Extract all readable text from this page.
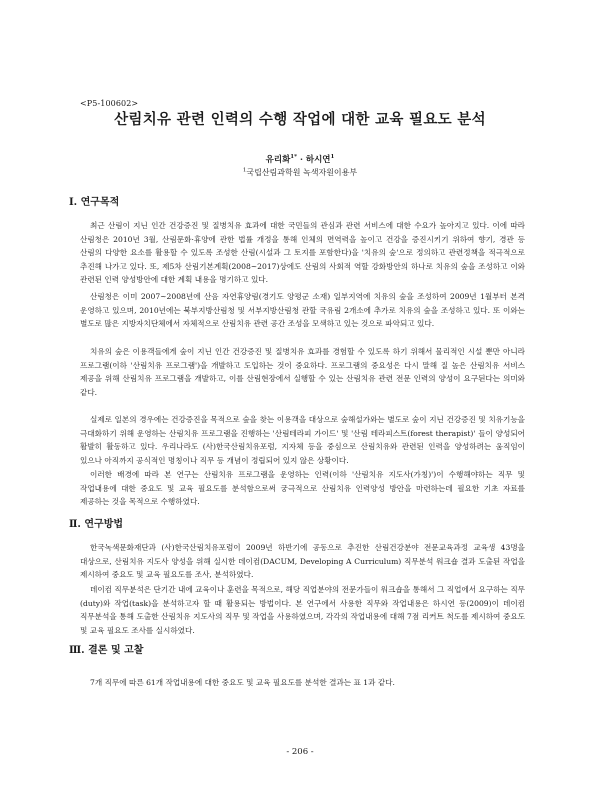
<P5-100602>
산림치유 관련 인력의 수행 작업에 대한 교육 필요도 분석
유리화$^{1*}$ · 하시연$^1$
$^1$국립산림과학원 녹색자원이용부
Ⅰ. 연구목적

최근 산림이 지닌 인간 건강증진 및 질병치유 효과에 대한 국민들의 관심과 관련 서비스에 대한 수요가 높아지고 있다. 이에 따라 산림청은 2010년 3월, 산림문화·휴양에 관한 법률 개정을 통해 인체의 면역력을 높이고 건강을 증진시키기 위하여 향기, 경관 등 산림의 다양한 요소를 활용할 수 있도록 조성한 산림(시설과 그 토지를 포함한다)을 '치유의 숲'으로 정의하고 관련정책을 적극적으로 추진해 나가고 있다. 또, 제5차 산림기본계획(2008~2017)상에도 산림의 사회적 역할 강화방안의 하나로 치유의 숲을 조성하고 이와 관련된 인력 양성방안에 대한 계획 내용을 명기하고 있다.

산림청은 이미 2007~2008년에 산음 자연휴양림(경기도 양평군 소재) 일부지역에 치유의 숲을 조성하여 2009년 1월부터 본격 운영하고 있으며, 2010년에는 북부지방산림청 및 서부지방산림청 관할 국유림 2개소에 추가로 치유의 숲을 조성하고 있다. 또 이와는 별도로 많은 지방자치단체에서 자체적으로 산림치유 관련 공간 조성을 모색하고 있는 것으로 파악되고 있다.

치유의 숲은 이용객들에게 숲이 지닌 인간 건강증진 및 질병치유 효과를 경험할 수 있도록 하기 위해서 물리적인 시설 뿐만 아니라 프로그램(이하 '산림치유 프로그램')을 개발하고 도입하는 것이 중요하다. 프로그램의 중요성은 다시 말해 질 높은 산림치유 서비스 제공을 위해 산림치유 프로그램을 개발하고, 이를 산림현장에서 실행할 수 있는 산림치유 관련 전문 인력의 양성이 요구된다는 의미와 같다.

실제로 일본의 경우에는 건강증진을 목적으로 숲을 찾는 이용객을 대상으로 숲해설가와는 별도로 숲이 지닌 건강증진 및 치유기능을 극대화하기 위해 운영하는 산림치유 프로그램을 진행하는 '산림테라피 가이드' 및 '산림 테라피스트(forest therapist)' 들이 양성되어 활발히 활동하고 있다. 우리나라도 (사)한국산림치유포럼, 지자체 등을 중심으로 산림치유와 관련된 인력을 양성하려는 움직임이 있으나 아직까지 공식적인 명칭이나 직무 등 개념이 정립되어 있지 않은 상황이다.

이러한 배경에 따라 본 연구는 산림치유 프로그램을 운영하는 인력(이하 '산림치유 지도사(가칭)')이 수행해야하는 직무 및 작업내용에 대한 중요도 및 교육 필요도를 분석함으로써 궁극적으로 산림치유 인력양성 방안을 마련하는데 필요한 기초 자료를 제공하는 것을 목적으로 수행하였다.

Ⅱ. 연구방법

한국녹색문화재단과 (사)한국산림치유포럼이 2009년 하반기에 공동으로 추진한 산림건강분야 전문교육과정 교육생 43명을 대상으로, 산림치유 지도사 양성을 위해 실시한 데이컴(DACUM, Developing A Curriculum) 직무분석 워크숍 결과 도출된 작업을 제시하여 중요도 및 교육 필요도를 조사, 분석하였다.

데이컴 직무분석은 단기간 내에 교육이나 훈련을 목적으로, 해당 직업분야의 전문가들이 워크숍을 통해서 그 직업에서 요구하는 직무(duty)와 작업(task)을 분석하고자 할 때 활용되는 방법이다. 본 연구에서 사용한 직무와 작업내용은 하시연 등(2009)이 데이컴 직무분석을 통해 도출한 산림치유 지도사의 직무 및 작업을 사용하였으며, 각각의 작업내용에 대해 7점 리커트 척도를 제시하여 중요도 및 교육 필요도 조사를 실시하였다.

Ⅲ. 결론 및 고찰

7개 직무에 따른 61개 작업내용에 대한 중요도 및 교육 필요도를 분석한 결과는 표 1과 같다.

- 206 -
